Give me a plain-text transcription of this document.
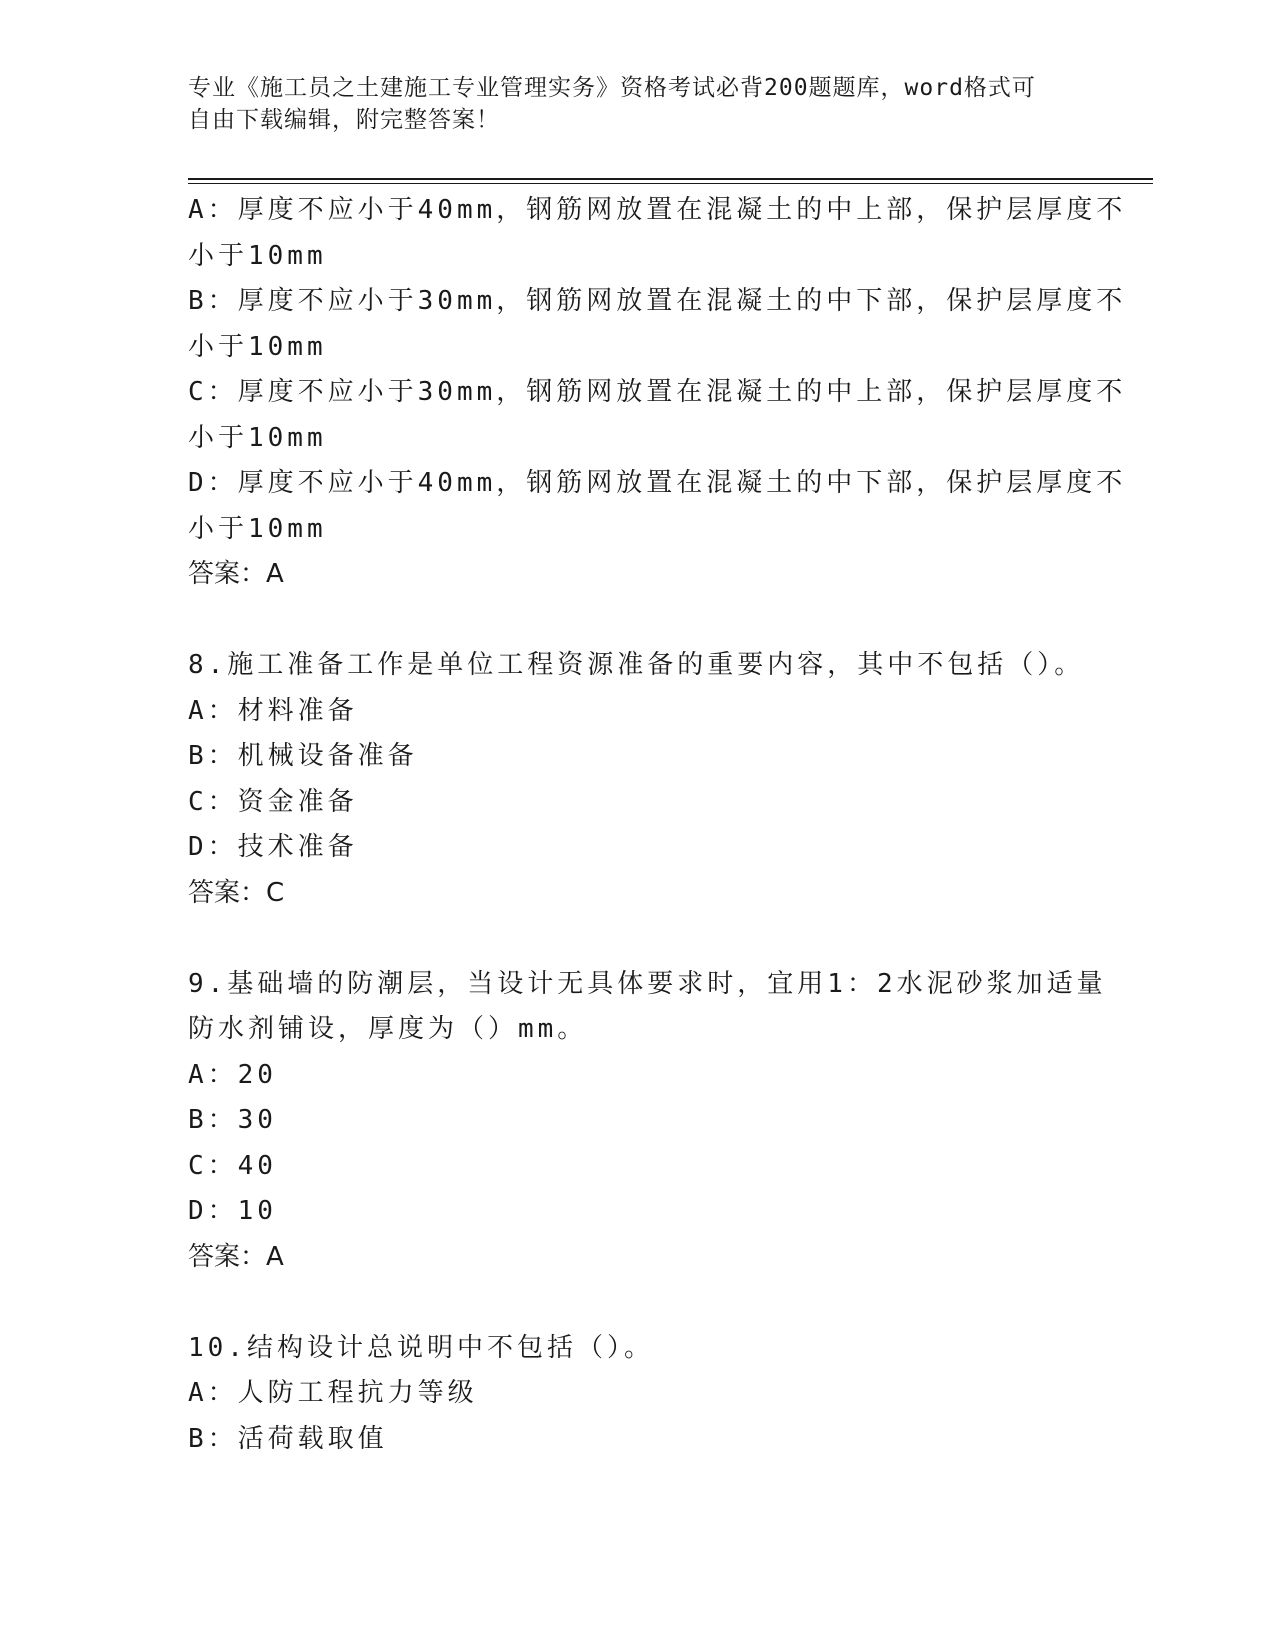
专业《施工员之土建施工专业管理实务》资格考试必背200题题库，word格式可
自由下载编辑，附完整答案！
A：厚度不应小于40mm，钢筋网放置在混凝土的中上部，保护层厚度不
小于10mm
B：厚度不应小于30mm，钢筋网放置在混凝土的中下部，保护层厚度不
小于10mm
C：厚度不应小于30mm，钢筋网放置在混凝土的中上部，保护层厚度不
小于10mm
D：厚度不应小于40mm，钢筋网放置在混凝土的中下部，保护层厚度不
小于10mm
答案：A
8.施工准备工作是单位工程资源准备的重要内容，其中不包括（）。
A：材料准备
B：机械设备准备
C：资金准备
D：技术准备
答案：C
9.基础墙的防潮层，当设计无具体要求时，宜用1：2水泥砂浆加适量
防水剂铺设，厚度为（）mm。
A：20
B：30
C：40
D：10
答案：A
10.结构设计总说明中不包括（）。
A：人防工程抗力等级
B：活荷载取值
